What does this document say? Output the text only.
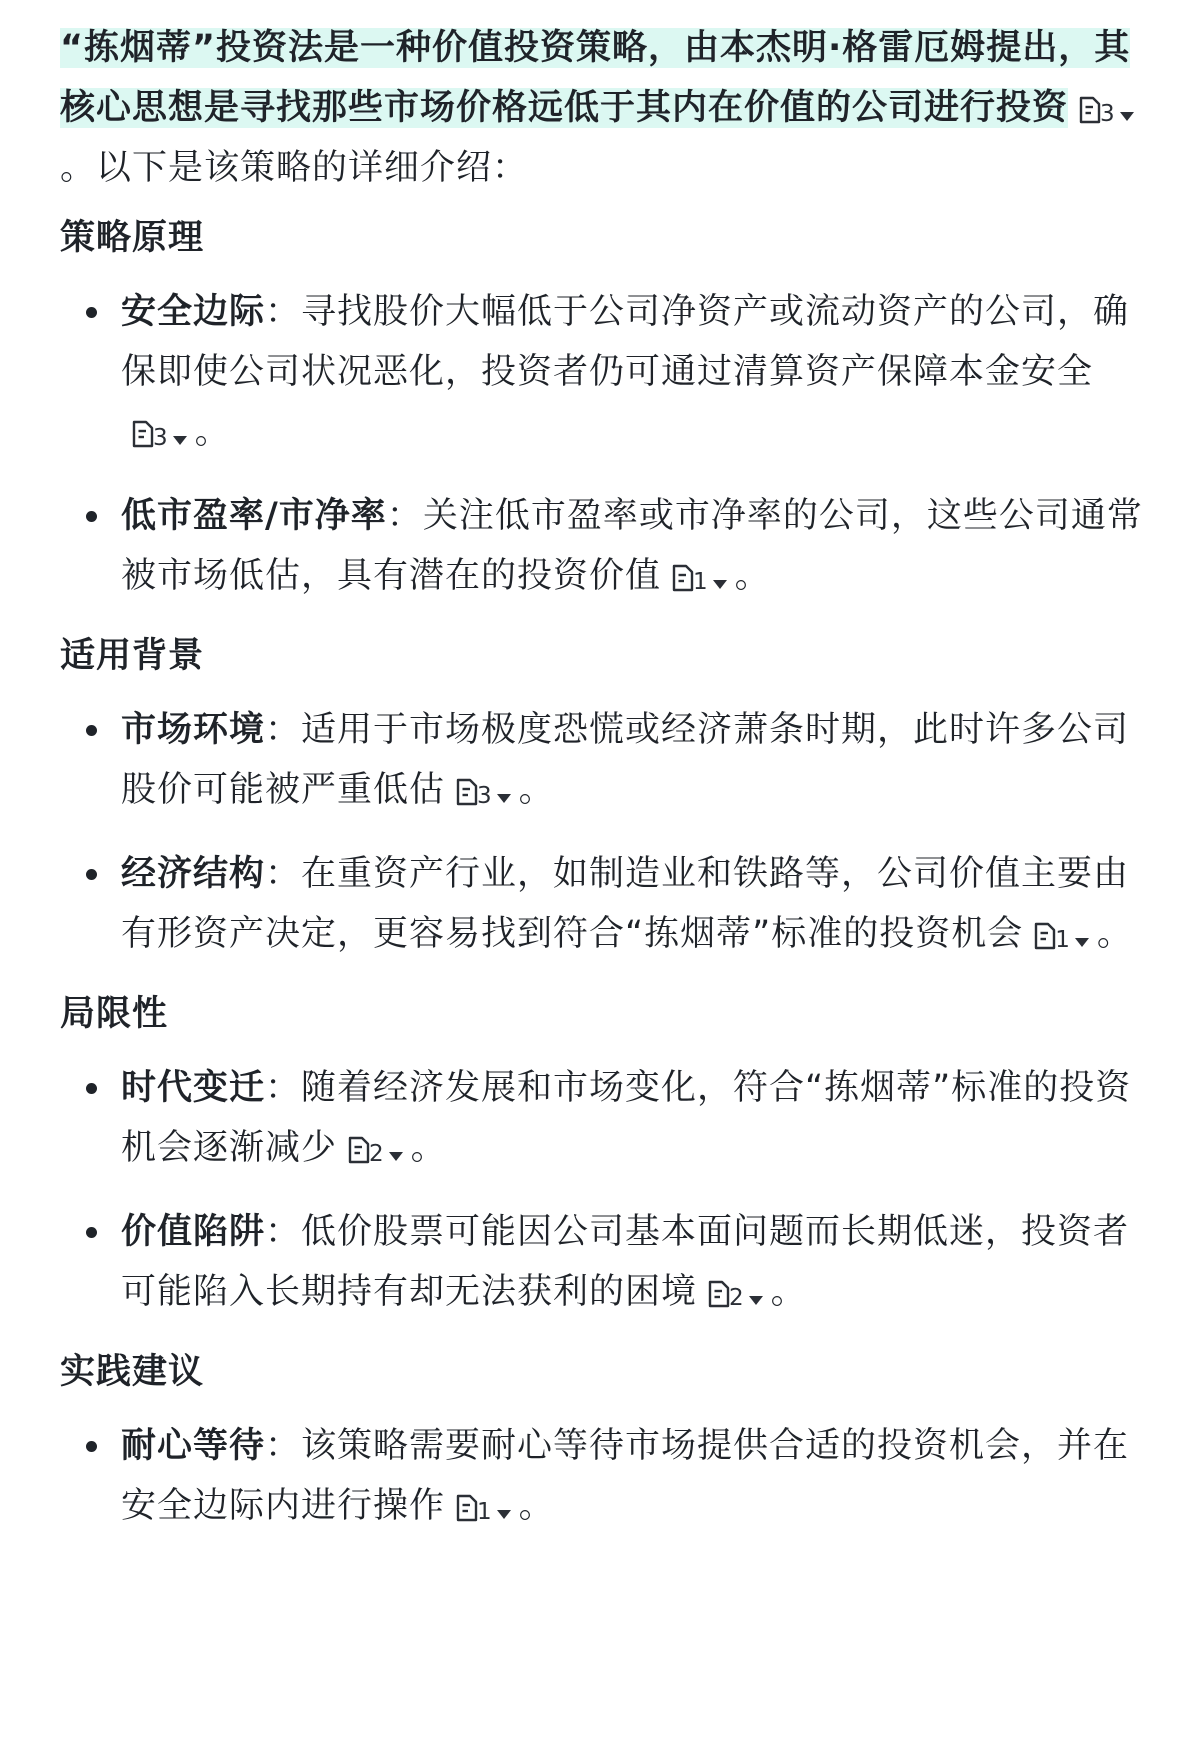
“拣烟蒂”投资法是一种价值投资策略，由本杰明·格雷厄姆提出，其核心思想是寻找那些市场价格远低于其内在价值的公司进行投资 3
。以下是该策略的详细介绍：

策略原理
安全边际：寻找股价大幅低于公司净资产或流动资产的公司，确保即使公司状况恶化，投资者仍可通过清算资产保障本金安全
3 。
低市盈率/市净率：关注低市盈率或市净率的公司，这些公司通常被市场低估，具有潜在的投资价值 1 。
适用背景
市场环境：适用于市场极度恐慌或经济萧条时期，此时许多公司股价可能被严重低估 3 。
经济结构：在重资产行业，如制造业和铁路等，公司价值主要由有形资产决定，更容易找到符合“拣烟蒂”标准的投资机会 1 。
局限性
时代变迁：随着经济发展和市场变化，符合“拣烟蒂”标准的投资机会逐渐减少 2 。
价值陷阱：低价股票可能因公司基本面问题而长期低迷，投资者可能陷入长期持有却无法获利的困境 2 。
实践建议
耐心等待：该策略需要耐心等待市场提供合适的投资机会，并在安全边际内进行操作 1 。
